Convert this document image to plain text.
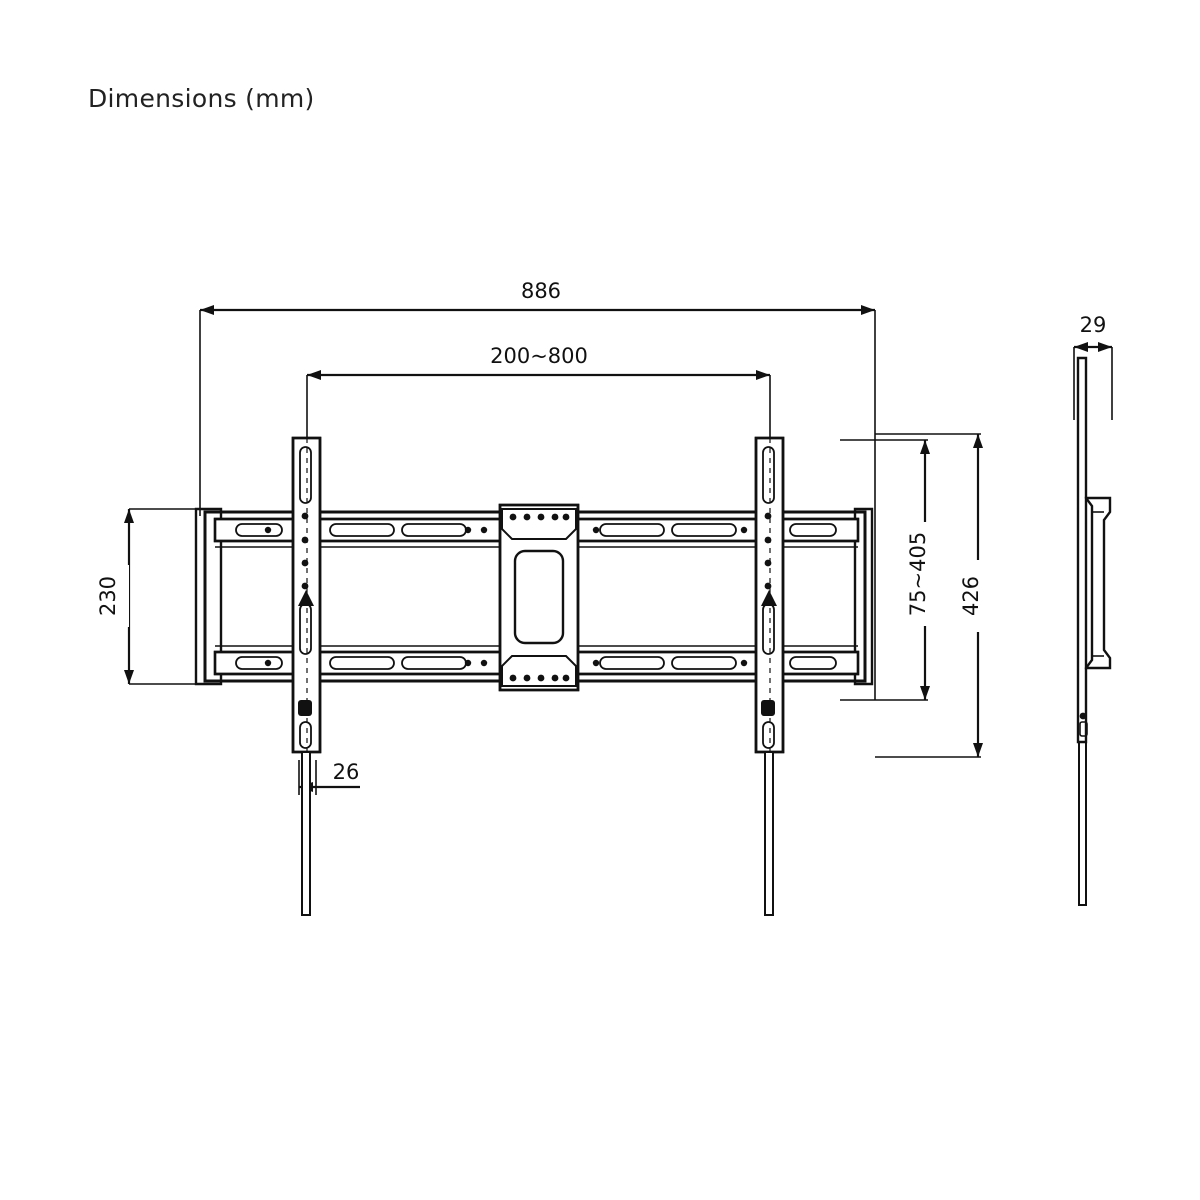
Dimensions (mm)
886
200~800
230
26
75~405 426
29
